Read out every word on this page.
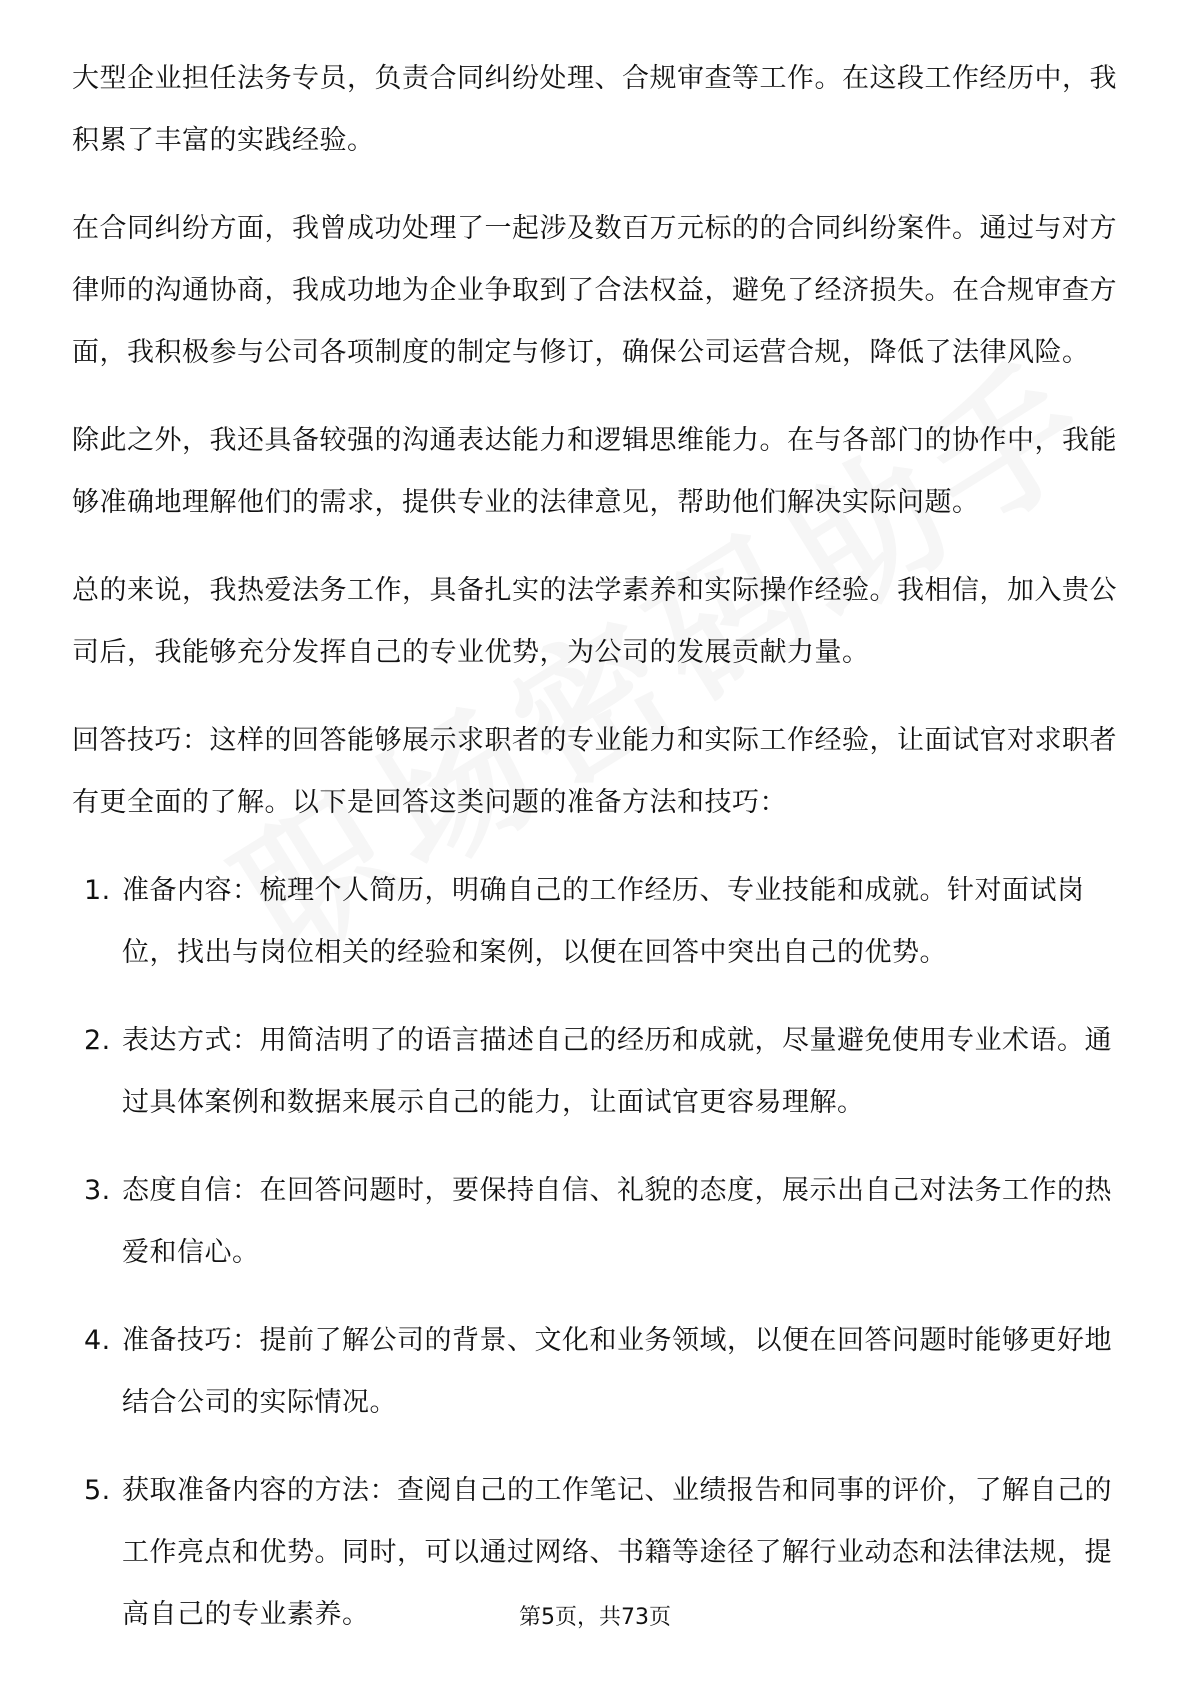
大型企业担任法务专员，负责合同纠纷处理、合规审查等工作。在这段工作经历中，我积累了丰富的实践经验。

在合同纠纷方面，我曾成功处理了一起涉及数百万元标的的合同纠纷案件。通过与对方律师的沟通协商，我成功地为企业争取到了合法权益，避免了经济损失。在合规审查方面，我积极参与公司各项制度的制定与修订，确保公司运营合规，降低了法律风险。

除此之外，我还具备较强的沟通表达能力和逻辑思维能力。在与各部门的协作中，我能够准确地理解他们的需求，提供专业的法律意见，帮助他们解决实际问题。

总的来说，我热爱法务工作，具备扎实的法学素养和实际操作经验。我相信，加入贵公司后，我能够充分发挥自己的专业优势，为公司的发展贡献力量。

回答技巧：这样的回答能够展示求职者的专业能力和实际工作经验，让面试官对求职者有更全面的了解。以下是回答这类问题的准备方法和技巧：

1. 准备内容：梳理个人简历，明确自己的工作经历、专业技能和成就。针对面试岗位，找出与岗位相关的经验和案例，以便在回答中突出自己的优势。
2. 表达方式：用简洁明了的语言描述自己的经历和成就，尽量避免使用专业术语。通过具体案例和数据来展示自己的能力，让面试官更容易理解。
3. 态度自信：在回答问题时，要保持自信、礼貌的态度，展示出自己对法务工作的热爱和信心。
4. 准备技巧：提前了解公司的背景、文化和业务领域，以便在回答问题时能够更好地结合公司的实际情况。
5. 获取准备内容的方法：查阅自己的工作笔记、业绩报告和同事的评价，了解自己的工作亮点和优势。同时，可以通过网络、书籍等途径了解行业动态和法律法规，提高自己的专业素养。	第5页，共73页
